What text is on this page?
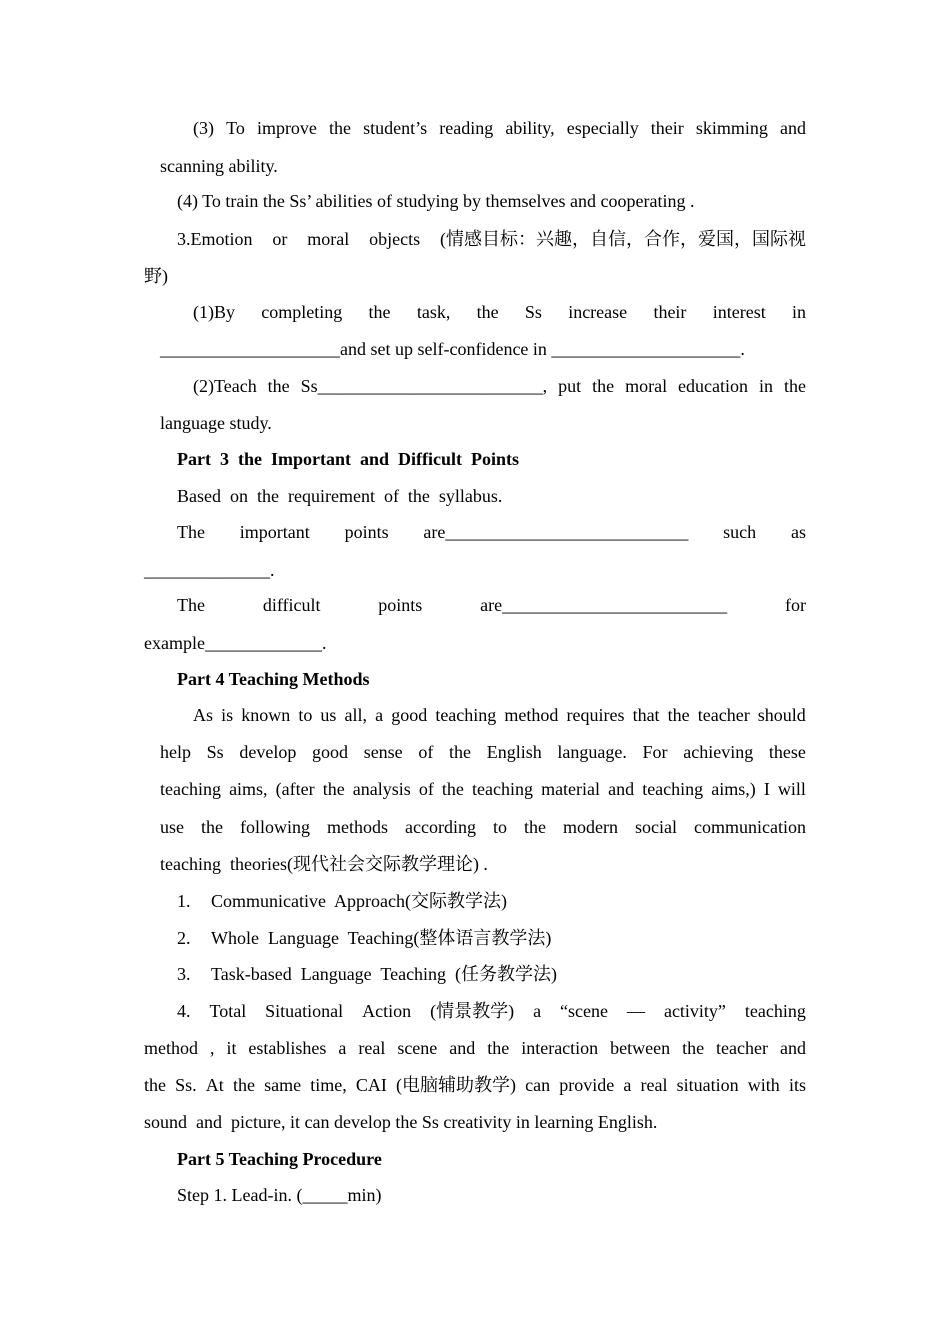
(3) To improve the student’s reading ability, especially their skimming and
scanning ability.
(4) To train the Ss’ abilities of studying by themselves and cooperating .
3.Emotion or moral objects (情感目标：兴趣，自信，合作，爱国，国际视
野)
(1)By completing the task, the Ss increase their interest in
____________________and set up self-confidence in _____________________.
(2)Teach the Ss_________________________, put the moral education in the
language study.
Part  3  the  Important  and  Difficult  Points
Based  on  the  requirement  of  the  syllabus.
The important points are___________________________ such as
______________.
The	difficult	points	are_________________________	for
example_____________.
Part 4 Teaching Methods
As is known to us all, a good teaching method requires that the teacher should
help Ss develop good sense of the English language. For achieving these
teaching aims, (after the analysis of the teaching material and teaching aims,) I will
use the following methods according to the modern social communication
teaching  theories(现代社会交际教学理论) .
1. Communicative  Approach(交际教学法)
2. Whole  Language  Teaching(整体语言教学法)
3. Task-based  Language  Teaching  (任务教学法)
4. Total Situational Action (情景教学) a “scene — activity” teaching
method , it establishes a real scene and the interaction between the teacher and
the Ss. At the same time, CAI (电脑辅助教学) can provide a real situation with its
sound  and  picture, it can develop the Ss creativity in learning English.
Part 5 Teaching Procedure
Step 1. Lead-in. (_____min)
